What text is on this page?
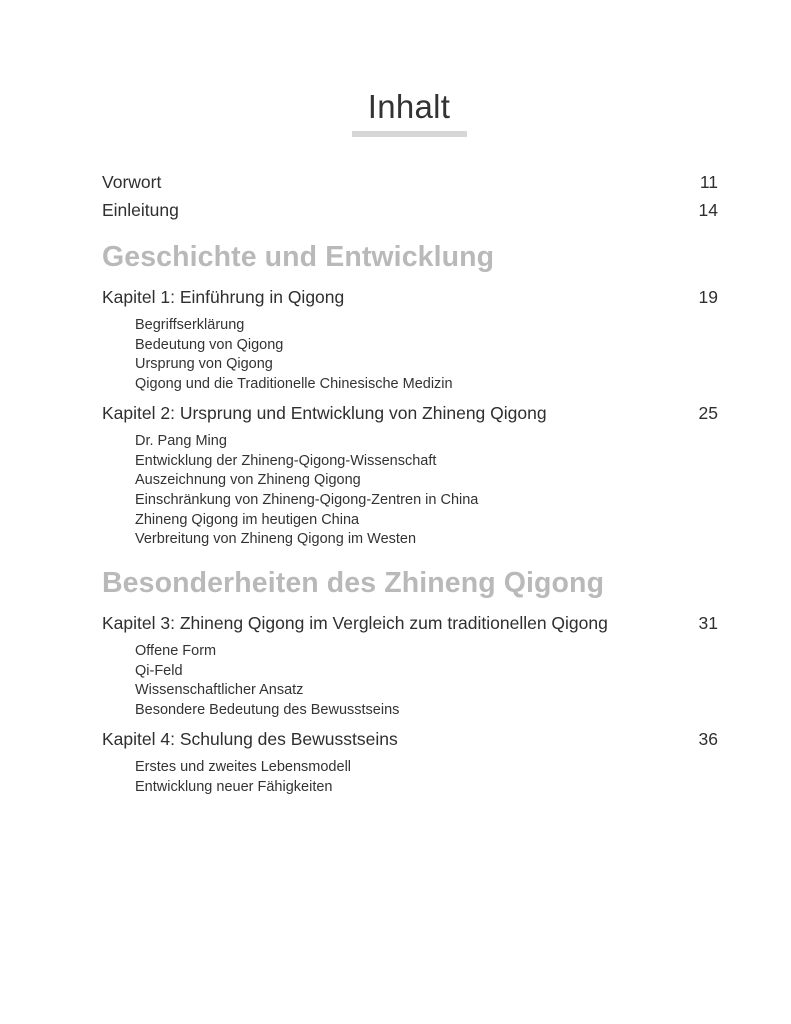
Inhalt
Vorwort	11
Einleitung	14
Geschichte und Entwicklung
Kapitel 1: Einführung in Qigong	19
Begriffserklärung
Bedeutung von Qigong
Ursprung von Qigong
Qigong und die Traditionelle Chinesische Medizin
Kapitel 2: Ursprung und Entwicklung von Zhineng Qigong	25
Dr. Pang Ming
Entwicklung der Zhineng-Qigong-Wissenschaft
Auszeichnung von Zhineng Qigong
Einschränkung von Zhineng-Qigong-Zentren in China
Zhineng Qigong im heutigen China
Verbreitung von Zhineng Qigong im Westen
Besonderheiten des Zhineng Qigong
Kapitel 3: Zhineng Qigong im Vergleich zum traditionellen Qigong	31
Offene Form
Qi-Feld
Wissenschaftlicher Ansatz
Besondere Bedeutung des Bewusstseins
Kapitel 4: Schulung des Bewusstseins	36
Erstes und zweites Lebensmodell
Entwicklung neuer Fähigkeiten
